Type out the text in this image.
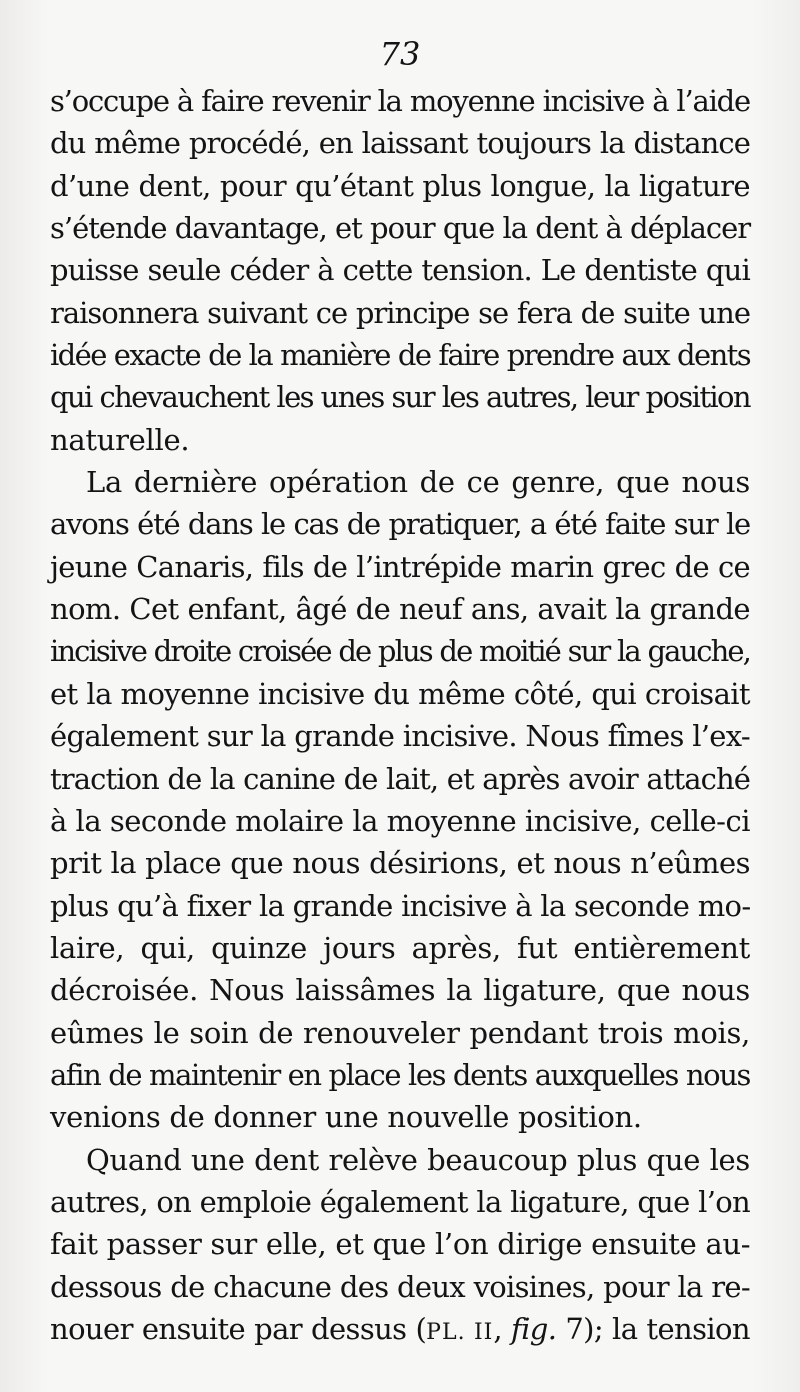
73
s’occupe à faire revenir la moyenne incisive à l’aide
du même procédé, en laissant toujours la distance
d’une dent, pour qu’étant plus longue, la ligature
s’étende davantage, et pour que la dent à déplacer
puisse seule céder à cette tension. Le dentiste qui
raisonnera suivant ce principe se fera de suite une
idée exacte de la manière de faire prendre aux dents
qui chevauchent les unes sur les autres, leur position
naturelle.
La dernière opération de ce genre, que nous
avons été dans le cas de pratiquer, a été faite sur le
jeune Canaris, fils de l’intrépide marin grec de ce
nom. Cet enfant, âgé de neuf ans, avait la grande
incisive droite croisée de plus de moitié sur la gauche,
et la moyenne incisive du même côté, qui croisait
également sur la grande incisive. Nous fîmes l’ex-
traction de la canine de lait, et après avoir attaché
à la seconde molaire la moyenne incisive, celle-ci
prit la place que nous désirions, et nous n’eûmes
plus qu’à fixer la grande incisive à la seconde mo-
laire, qui, quinze jours après, fut entièrement
décroisée. Nous laissâmes la ligature, que nous
eûmes le soin de renouveler pendant trois mois,
afin de maintenir en place les dents auxquelles nous
venions de donner une nouvelle position.
Quand une dent relève beaucoup plus que les
autres, on emploie également la ligature, que l’on
fait passer sur elle, et que l’on dirige ensuite au-
dessous de chacune des deux voisines, pour la re-
nouer ensuite par dessus (PL. II, fig. 7); la tension
